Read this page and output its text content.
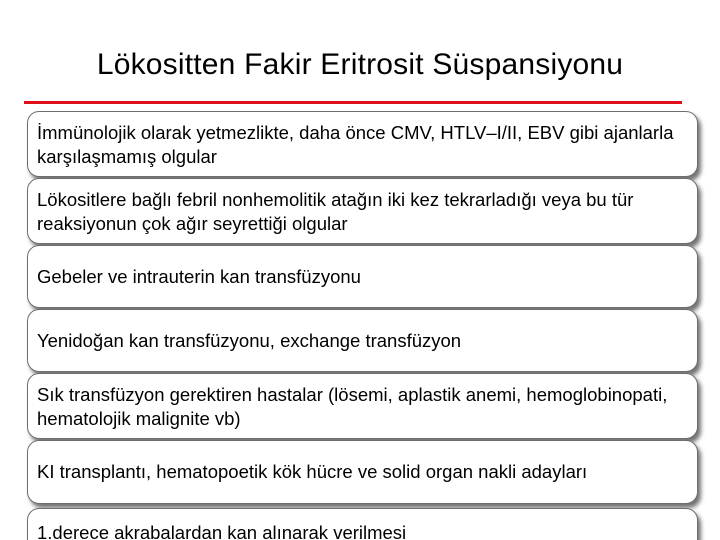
Lökositten Fakir Eritrosit Süspansiyonu
İmmünolojik olarak yetmezlikte, daha önce CMV, HTLV‒I/II, EBV gibi ajanlarla karşılaşmamış olgular
Lökositlere bağlı febril nonhemolitik atağın iki kez tekrarladığı veya bu tür reaksiyonun çok ağır seyrettiği olgular
Gebeler ve intrauterin kan transfüzyonu
Yenidoğan kan transfüzyonu, exchange transfüzyon
Sık transfüzyon gerektiren hastalar (lösemi, aplastik anemi, hemoglobinopati, hematolojik malignite vb)
KI transplantı, hematopoetik kök hücre ve solid organ nakli adayları
1.derece akrabalardan kan alınarak verilmesi
